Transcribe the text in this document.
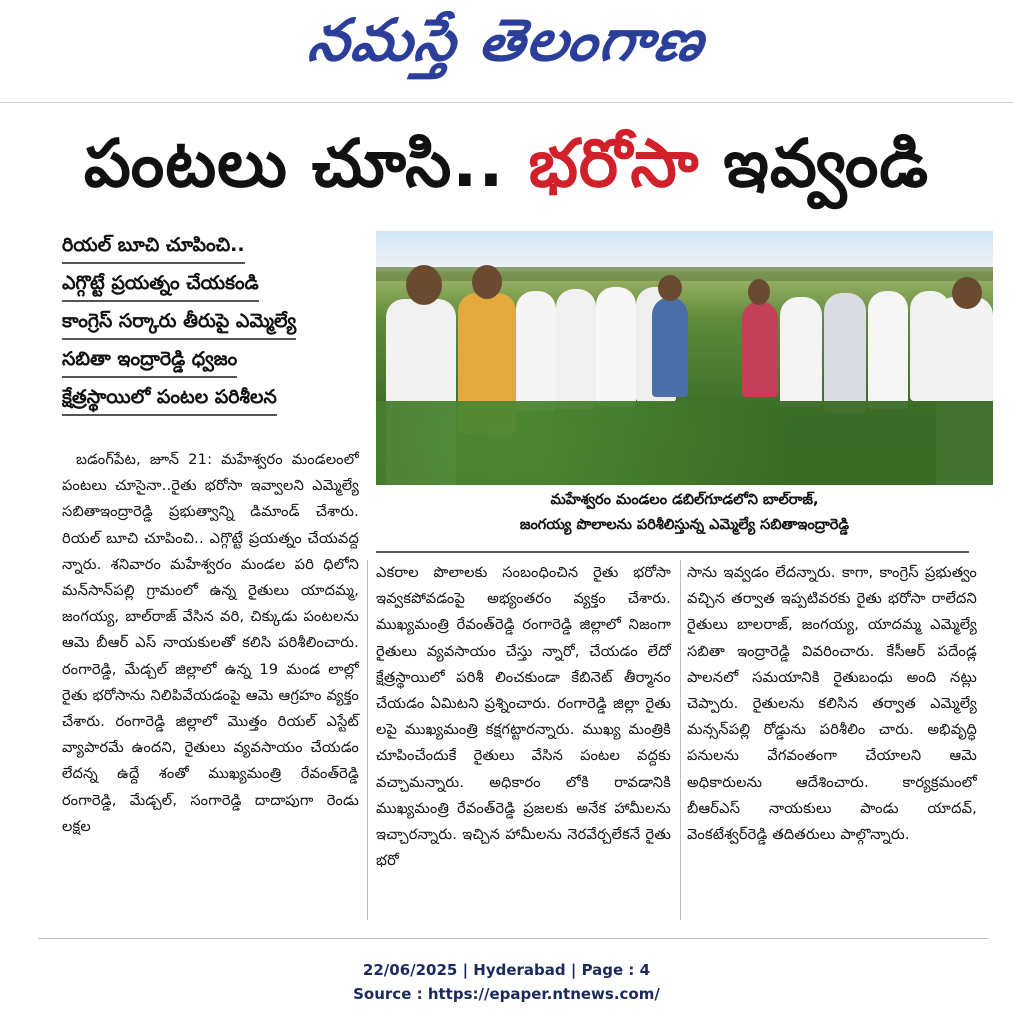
నమస్తే తెలంగాణ
పంటలు చూసి.. భరోసా ఇవ్వండి
రియల్ బూచి చూపించి..
ఎగ్గొట్టే ప్రయత్నం చేయకండి
కాంగ్రెస్ సర్కారు తీరుపై ఎమ్మెల్యే
సబితా ఇంద్రారెడ్డి ధ్వజం
క్షేత్రస్థాయిలో పంటల పరిశీలన
మహేశ్వరం మండలం డబిల్‌గూడలోని బాల్‌రాజ్,
జంగయ్య పొలాలను పరిశీలిస్తున్న ఎమ్మెల్యే సబితాఇంద్రారెడ్డి

బడంగ్‌పేట, జూన్ 21: మహేశ్వరం మండలంలో పంటలు చూసైనా..రైతు భరోసా ఇవ్వాలని ఎమ్మెల్యే సబితాఇంద్రారెడ్డి ప్రభుత్వాన్ని డిమాండ్ చేశారు. రియల్ బూచి చూపించి.. ఎగ్గొట్టే ప్రయత్నం చేయవద్ద న్నారు. శనివారం మహేశ్వరం మండల పరి ధిలోని మన్‌సాన్‌పల్లి గ్రామంలో ఉన్న రైతులు యాదమ్మ, జంగయ్య, బాల్‌రాజ్ వేసిన వరి, చిక్కుడు పంటలను ఆమె బీఆర్ ఎస్ నాయకులతో కలిసి పరిశీలించారు. రంగారెడ్డి, మేడ్చల్ జిల్లాలో ఉన్న 19 మండ లాల్లో రైతు భరోసాను నిలిపివేయడంపై ఆమె ఆగ్రహం వ్యక్తం చేశారు. రంగారెడ్డి జిల్లాలో మొత్తం రియల్ ఎస్టేట్ వ్యాపారమే ఉందని, రైతులు వ్యవసాయం చేయడం లేదన్న ఉద్దే శంతో ముఖ్యమంత్రి రేవంత్‌రెడ్డి రంగారెడ్డి, మేడ్చల్, సంగారెడ్డి దాదాపుగా రెండు లక్షల

ఎకరాల పొలాలకు సంబంధించిన రైతు భరోసా ఇవ్వకపోవడంపై అభ్యంతరం వ్యక్తం చేశారు. ముఖ్యమంత్రి రేవంత్‌రెడ్డి రంగారెడ్డి జిల్లాలో నిజంగా రైతులు వ్యవసాయం చేస్తు న్నారో, చేయడం లేదో క్షేత్రస్థాయిలో పరిశీ లించకుండా కేబినెట్ తీర్మానం చేయడం ఏమిటని ప్రశ్నించారు. రంగారెడ్డి జిల్లా రైతు లపై ముఖ్యమంత్రి కక్షగట్టారన్నారు. ముఖ్య మంత్రికి చూపించేందుకే రైతులు వేసిన పంటల వద్దకు వచ్చామన్నారు. అధికారం లోకి రావడానికి ముఖ్యమంత్రి రేవంత్‌రెడ్డి ప్రజలకు అనేక హామీలను ఇచ్చారన్నారు. ఇచ్చిన హామీలను నెరవేర్చలేకనే రైతు భరో

సాను ఇవ్వడం లేదన్నారు. కాగా, కాంగ్రెస్ ప్రభుత్వం వచ్చిన తర్వాత ఇప్పటివరకు రైతు భరోసా రాలేదని రైతులు బాలరాజ్, జంగయ్య, యాదమ్మ ఎమ్మెల్యే సబితా ఇంద్రారెడ్డి వివరించారు. కేసీఆర్ పదేండ్ల పాలనలో సమయానికి రైతుబంధు అంది నట్లు చెప్పారు. రైతులను కలిసిన తర్వాత ఎమ్మెల్యే మన్సన్‌పల్లి రోడ్డును పరిశీలిం చారు. అభివృద్ధి పనులను వేగవంతంగా చేయాలని ఆమె అధికారులను ఆదేశించారు. కార్యక్రమంలో బీఆర్‌ఎస్ నాయకులు పాండు యాదవ్, వెంకటేశ్వర్‌రెడ్డి తదితరులు పాల్గొన్నారు.

22/06/2025 | Hyderabad | Page : 4
Source : https://epaper.ntnews.com/
